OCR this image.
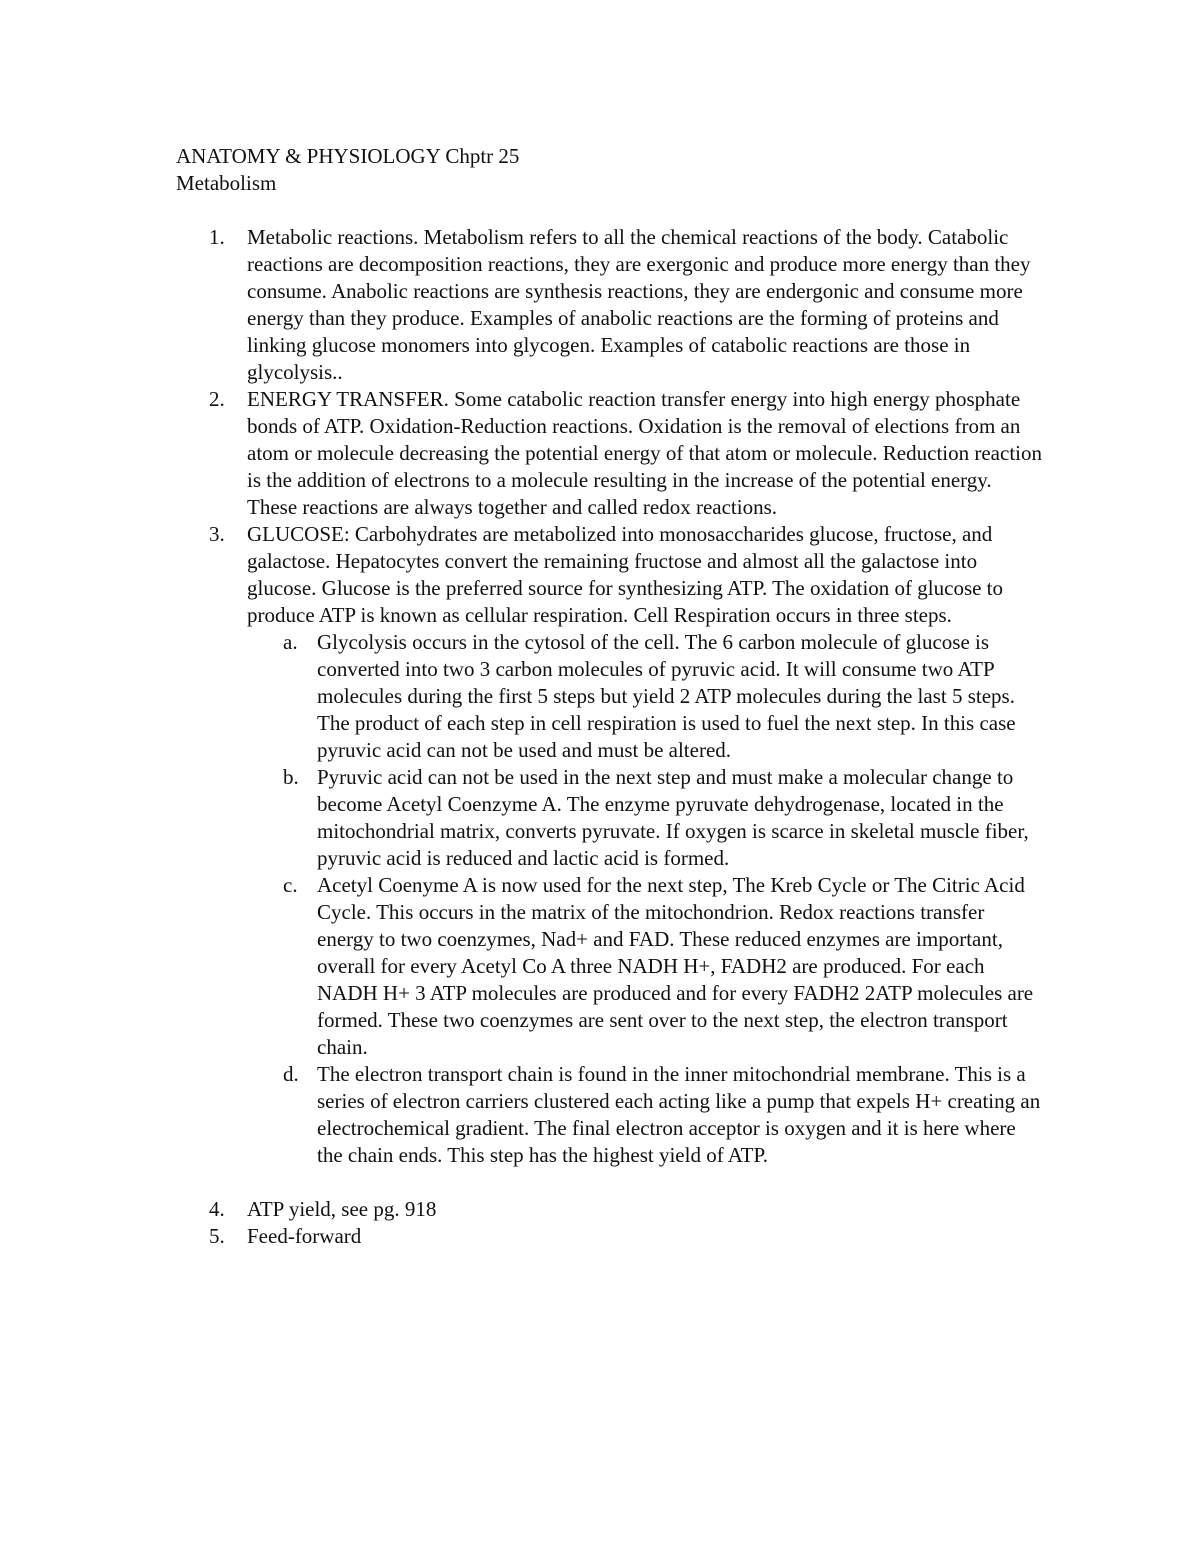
ANATOMY & PHYSIOLOGY Chptr 25

Metabolism

1. Metabolic reactions. Metabolism refers to all the chemical reactions of the body. Catabolic reactions are decomposition reactions, they are exergonic and produce more energy than they consume. Anabolic reactions are synthesis reactions, they are endergonic and consume more energy than they produce. Examples of anabolic reactions are the forming of proteins and linking glucose monomers into glycogen. Examples of catabolic reactions are those in glycolysis..
2. ENERGY TRANSFER. Some catabolic reaction transfer energy into high energy phosphate bonds of ATP. Oxidation-Reduction reactions. Oxidation is the removal of elections from an atom or molecule decreasing the potential energy of that atom or molecule. Reduction reaction is the addition of electrons to a molecule resulting in the increase of the potential energy. These reactions are always together and called redox reactions.
3. GLUCOSE: Carbohydrates are metabolized into monosaccharides glucose, fructose, and galactose. Hepatocytes convert the remaining fructose and almost all the galactose into glucose. Glucose is the preferred source for synthesizing ATP. The oxidation of glucose to produce ATP is known as cellular respiration. Cell Respiration occurs in three steps.
a. Glycolysis occurs in the cytosol of the cell. The 6 carbon molecule of glucose is converted into two 3 carbon molecules of pyruvic acid. It will consume two ATP molecules during the first 5 steps but yield 2 ATP molecules during the last 5 steps. The product of each step in cell respiration is used to fuel the next step. In this case pyruvic acid can not be used and must be altered.
b. Pyruvic acid can not be used in the next step and must make a molecular change to become Acetyl Coenzyme A. The enzyme pyruvate dehydrogenase, located in the mitochondrial matrix, converts pyruvate. If oxygen is scarce in skeletal muscle fiber, pyruvic acid is reduced and lactic acid is formed.
c. Acetyl Coenyme A is now used for the next step, The Kreb Cycle or The Citric Acid Cycle. This occurs in the matrix of the mitochondrion. Redox reactions transfer energy to two coenzymes, Nad+ and FAD. These reduced enzymes are important, overall for every Acetyl Co A three NADH H+, FADH2 are produced. For each NADH H+ 3 ATP molecules are produced and for every FADH2 2ATP molecules are formed. These two coenzymes are sent over to the next step, the electron transport chain.
d. The electron transport chain is found in the inner mitochondrial membrane. This is a series of electron carriers clustered each acting like a pump that expels H+ creating an electrochemical gradient. The final electron acceptor is oxygen and it is here where the chain ends. This step has the highest yield of ATP.
4. ATP yield, see pg. 918
5. Feed-forward
